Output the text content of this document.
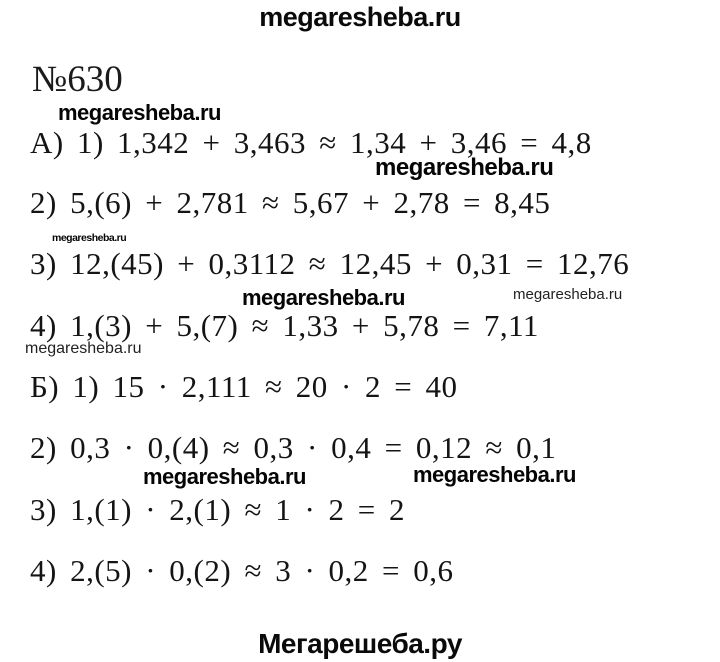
megaresheba.ru
№630
megaresheba.ru
А) 1) 1,342 + 3,463 ≈ 1,34 + 3,46 = 4,8
megaresheba.ru
2) 5,(6) + 2,781 ≈ 5,67 + 2,78 = 8,45
megaresheba.ru
3) 12,(45) + 0,3112 ≈ 12,45 + 0,31 = 12,76
megaresheba.ru	megaresheba.ru
4) 1,(3) + 5,(7) ≈ 1,33 + 5,78 = 7,11
megaresheba.ru
Б) 1) 15 · 2,111 ≈ 20 · 2 = 40
2) 0,3 · 0,(4) ≈ 0,3 · 0,4 = 0,12 ≈ 0,1
megaresheba.ru	megaresheba.ru
3) 1,(1) · 2,(1) ≈ 1 · 2 = 2
4) 2,(5) · 0,(2) ≈ 3 · 0,2 = 0,6
Мегарешеба.ру
